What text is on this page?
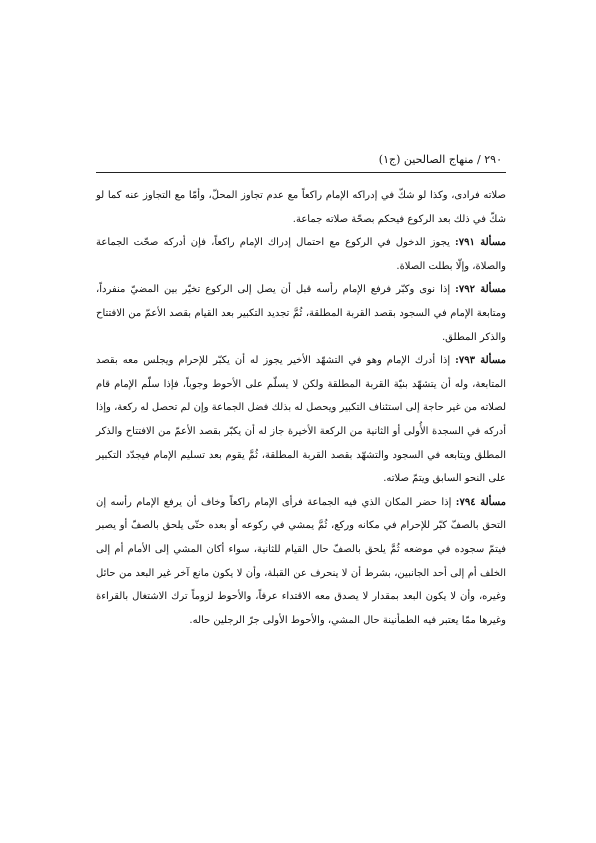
٢٩٠ / منهاج الصالحين (ج١)

صلاته فرادى، وكذا لو شكّ في إدراكه الإمام راكعاً مع عدم تجاوز المحلّ، وأمّا مع التجاوز عنه كما لو شكّ في ذلك بعد الركوع فيحكم بصحّة صلاته جماعة.

مسألة ٧٩١: يجوز الدخول في الركوع مع احتمال إدراك الإمام راكعاً، فإن أدركه صحّت الجماعة والصلاة، وإلّا بطلت الصلاة.

مسألة ٧٩٢: إذا نوى وكبّر فرفع الإمام رأسه قبل أن يصل إلى الركوع تخيّر بين المضيّ منفرداً، ومتابعة الإمام في السجود بقصد القربة المطلقة، ثُمَّ تجديد التكبير بعد القيام بقصد الأعمّ من الافتتاح والذكر المطلق.

مسألة ٧٩٣: إذا أدرك الإمام وهو في التشهّد الأخير يجوز له أن يكبّر للإحرام ويجلس معه بقصد المتابعة، وله أن يتشهّد بنيّة القربة المطلقة ولكن لا يسلّم على الأحوط وجوباً، فإذا سلّم الإمام قام لصلاته من غير حاجة إلى استئناف التكبير ويحصل له بذلك فضل الجماعة وإن لم تحصل له ركعة، وإذا أدركه في السجدة الأُولى أو الثانية من الركعة الأخيرة جاز له أن يكبّر بقصد الأعمّ من الافتتاح والذكر المطلق ويتابعه في السجود والتشهّد بقصد القربة المطلقة، ثُمَّ يقوم بعد تسليم الإمام فيجدّد التكبير على النحو السابق ويتمّ صلاته.

مسألة ٧٩٤: إذا حضر المكان الذي فيه الجماعة فرأى الإمام راكعاً وخاف أن يرفع الإمام رأسه إن التحق بالصفّ كبّر للإحرام في مكانه وركع، ثُمَّ يمشي في ركوعه أو بعده حتّى يلحق بالصفّ أو يصبر فيتمّ سجوده في موضعه ثُمَّ يلحق بالصفّ حال القيام للثانية، سواء أكان المشي إلى الأمام أم إلى الخلف أم إلى أحد الجانبين، بشرط أن لا ينحرف عن القبلة، وأن لا يكون مانع آخر غير البعد من حائل وغيره، وأن لا يكون البعد بمقدار لا يصدق معه الاقتداء عرفاً، والأحوط لزوماً ترك الاشتغال بالقراءة وغيرها ممّا يعتبر فيه الطمأنينة حال المشي، والأحوط الأولى جرّ الرجلين حاله.
